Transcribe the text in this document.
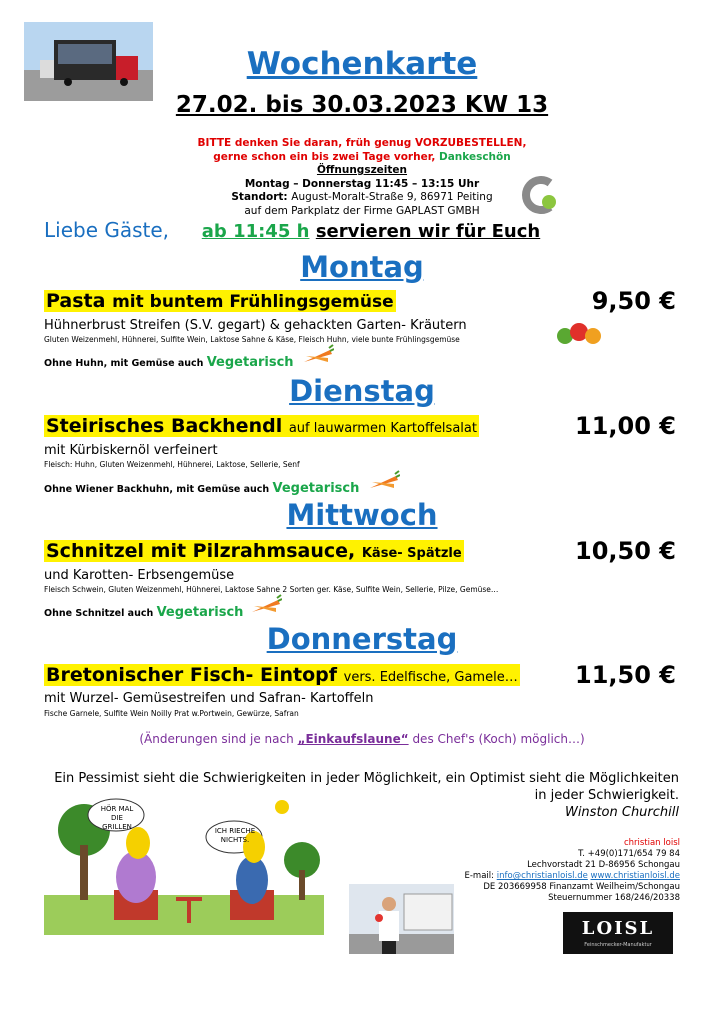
Wochenkarte
27.02. bis 30.03.2023 KW 13
BITTE denken Sie daran, früh genug VORZUBESTELLEN,
gerne schon ein bis zwei Tage vorher, Dankeschön
Öffnungszeiten
Montag – Donnerstag 11:45 – 13:15 Uhr
Standort: August-Moralt-Straße 9, 86971 Peiting
auf dem Parkplatz der Firme GAPLAST GMBH
Liebe Gäste, ab 11:45 h servieren wir für Euch
Montag
Pasta mit buntem Frühlingsgemüse	9,50 €
Hühnerbrust Streifen (S.V. gegart) & gehackten Garten- Kräutern
Gluten Weizenmehl, Hühnerei, Sulfite Wein, Laktose Sahne & Käse, Fleisch Huhn, viele bunte Frühlingsgemüse
Ohne Huhn, mit Gemüse auch Vegetarisch
Dienstag
Steirisches Backhendl auf lauwarmen Kartoffelsalat	11,00 €
mit Kürbiskernöl verfeinert
Fleisch: Huhn, Gluten Weizenmehl, Hühnerei, Laktose, Sellerie, Senf
Ohne Wiener Backhuhn, mit Gemüse auch Vegetarisch
Mittwoch
Schnitzel mit Pilzrahmsauce, Käse- Spätzle	10,50 €
und Karotten- Erbsengemüse
Fleisch Schwein, Gluten Weizenmehl, Hühnerei, Laktose Sahne 2 Sorten ger. Käse, Sulfite Wein, Sellerie, Pilze, Gemüse…
Ohne Schnitzel auch Vegetarisch
Donnerstag
Bretonischer Fisch- Eintopf vers. Edelfische, Gamele… 11,50 €
mit Wurzel- Gemüsestreifen und Safran- Kartoffeln
Fische Garnele, Sulfite Wein Noilly Prat w.Portwein, Gewürze, Safran
(Änderungen sind je nach „Einkaufslaune“ des Chef's (Koch) möglich…)
Ein Pessimist sieht die Schwierigkeiten in jeder Möglichkeit, ein Optimist sieht die Möglichkeiten in jeder Schwierigkeit.
Winston Churchill
HÖR MAL DIE GRILLEN	ICH RIECHE NICHTS.	christian loisl
T. +49(0)171/654 79 84
Lechvorstadt 21 D-86956 Schongau
E-mail: info@christianloisl.de www.christianloisl.de
DE 203669958 Finanzamt Weilheim/Schongau
Steuernummer 168/246/20338
LOISL
Feinschmecker-Manufaktur
